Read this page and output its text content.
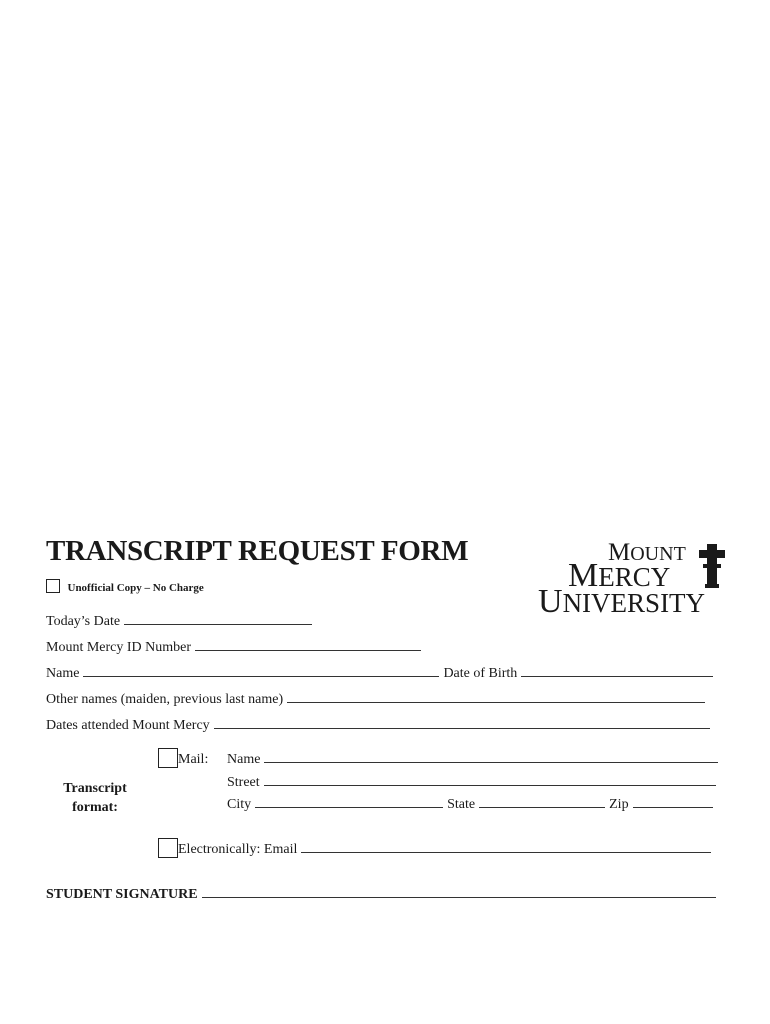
TRANSCRIPT REQUEST FORM	MOUNT
MERCY
UNIVERSITY
Unofficial Copy – No Charge
Today’s Date
Mount Mercy ID Number
Name	Date of Birth
Other names (maiden, previous last name)
Dates attended Mount Mercy
Transcript
format:
Mail: Name
Street
City	State	Zip
Electronically: Email
STUDENT SIGNATURE
